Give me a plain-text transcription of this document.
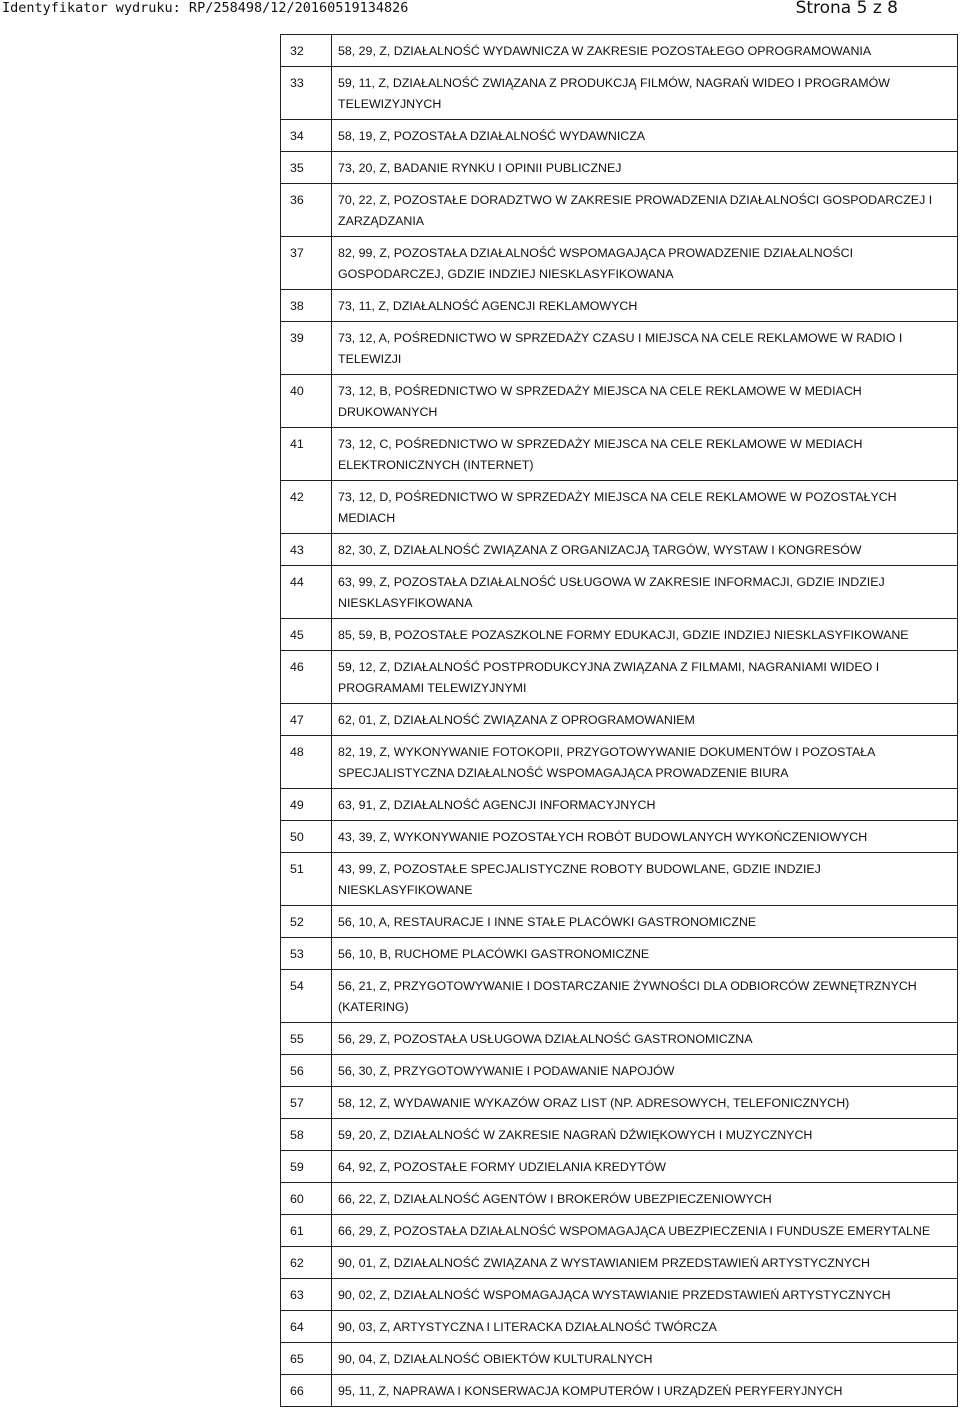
Identyfikator wydruku: RP/258498/12/20160519134826	Strona 5 z 8
32	58, 29, Z, DZIAŁALNOŚĆ WYDAWNICZA W ZAKRESIE POZOSTAŁEGO OPROGRAMOWANIA
33	59, 11, Z, DZIAŁALNOŚĆ ZWIĄZANA Z PRODUKCJĄ FILMÓW, NAGRAŃ WIDEO I PROGRAMÓW TELEWIZYJNYCH
34	58, 19, Z, POZOSTAŁA DZIAŁALNOŚĆ WYDAWNICZA
35	73, 20, Z, BADANIE RYNKU I OPINII PUBLICZNEJ
36	70, 22, Z, POZOSTAŁE DORADZTWO W ZAKRESIE PROWADZENIA DZIAŁALNOŚCI GOSPODARCZEJ I ZARZĄDZANIA
37	82, 99, Z, POZOSTAŁA DZIAŁALNOŚĆ WSPOMAGAJĄCA PROWADZENIE DZIAŁALNOŚCI GOSPODARCZEJ, GDZIE INDZIEJ NIESKLASYFIKOWANA
38	73, 11, Z, DZIAŁALNOŚĆ AGENCJI REKLAMOWYCH
39	73, 12, A, POŚREDNICTWO W SPRZEDAŻY CZASU I MIEJSCA NA CELE REKLAMOWE W RADIO I TELEWIZJI
40	73, 12, B, POŚREDNICTWO W SPRZEDAŻY MIEJSCA NA CELE REKLAMOWE W MEDIACH DRUKOWANYCH
41	73, 12, C, POŚREDNICTWO W SPRZEDAŻY MIEJSCA NA CELE REKLAMOWE W MEDIACH ELEKTRONICZNYCH (INTERNET)
42	73, 12, D, POŚREDNICTWO W SPRZEDAŻY MIEJSCA NA CELE REKLAMOWE W POZOSTAŁYCH MEDIACH
43	82, 30, Z, DZIAŁALNOŚĆ ZWIĄZANA Z ORGANIZACJĄ TARGÓW, WYSTAW I KONGRESÓW
44	63, 99, Z, POZOSTAŁA DZIAŁALNOŚĆ USŁUGOWA W ZAKRESIE INFORMACJI, GDZIE INDZIEJ NIESKLASYFIKOWANA
45	85, 59, B, POZOSTAŁE POZASZKOLNE FORMY EDUKACJI, GDZIE INDZIEJ NIESKLASYFIKOWANE
46	59, 12, Z, DZIAŁALNOŚĆ POSTPRODUKCYJNA ZWIĄZANA Z FILMAMI, NAGRANIAMI WIDEO I PROGRAMAMI TELEWIZYJNYMI
47	62, 01, Z, DZIAŁALNOŚĆ ZWIĄZANA Z OPROGRAMOWANIEM
48	82, 19, Z, WYKONYWANIE FOTOKOPII, PRZYGOTOWYWANIE DOKUMENTÓW I POZOSTAŁA SPECJALISTYCZNA DZIAŁALNOŚĆ WSPOMAGAJĄCA PROWADZENIE BIURA
49	63, 91, Z, DZIAŁALNOŚĆ AGENCJI INFORMACYJNYCH
50	43, 39, Z, WYKONYWANIE POZOSTAŁYCH ROBÓT BUDOWLANYCH WYKOŃCZENIOWYCH
51	43, 99, Z, POZOSTAŁE SPECJALISTYCZNE ROBOTY BUDOWLANE, GDZIE INDZIEJ NIESKLASYFIKOWANE
52	56, 10, A, RESTAURACJE I INNE STAŁE PLACÓWKI GASTRONOMICZNE
53	56, 10, B, RUCHOME PLACÓWKI GASTRONOMICZNE
54	56, 21, Z, PRZYGOTOWYWANIE I DOSTARCZANIE ŻYWNOŚCI DLA ODBIORCÓW ZEWNĘTRZNYCH (KATERING)
55	56, 29, Z, POZOSTAŁA USŁUGOWA DZIAŁALNOŚĆ GASTRONOMICZNA
56	56, 30, Z, PRZYGOTOWYWANIE I PODAWANIE NAPOJÓW
57	58, 12, Z, WYDAWANIE WYKAZÓW ORAZ LIST (NP. ADRESOWYCH, TELEFONICZNYCH)
58	59, 20, Z, DZIAŁALNOŚĆ W ZAKRESIE NAGRAŃ DŹWIĘKOWYCH I MUZYCZNYCH
59	64, 92, Z, POZOSTAŁE FORMY UDZIELANIA KREDYTÓW
60	66, 22, Z, DZIAŁALNOŚĆ AGENTÓW I BROKERÓW UBEZPIECZENIOWYCH
61	66, 29, Z, POZOSTAŁA DZIAŁALNOŚĆ WSPOMAGAJĄCA UBEZPIECZENIA I FUNDUSZE EMERYTALNE
62	90, 01, Z, DZIAŁALNOŚĆ ZWIĄZANA Z WYSTAWIANIEM PRZEDSTAWIEŃ ARTYSTYCZNYCH
63	90, 02, Z, DZIAŁALNOŚĆ WSPOMAGAJĄCA WYSTAWIANIE PRZEDSTAWIEŃ ARTYSTYCZNYCH
64	90, 03, Z, ARTYSTYCZNA I LITERACKA DZIAŁALNOŚĆ TWÓRCZA
65	90, 04, Z, DZIAŁALNOŚĆ OBIEKTÓW KULTURALNYCH
66	95, 11, Z, NAPRAWA I KONSERWACJA KOMPUTERÓW I URZĄDZEŃ PERYFERYJNYCH
